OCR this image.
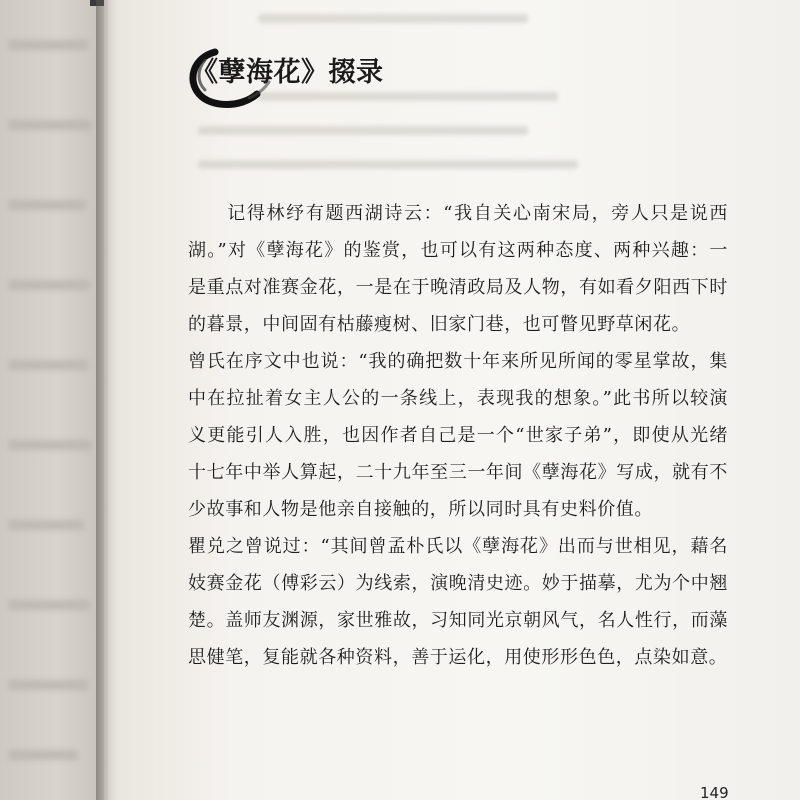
《孽海花》掇录

　　记得林纾有题西湖诗云：“我自关心南宋局，旁人只是说西湖。”对《孽海花》的鉴赏，也可以有这两种态度、两种兴趣：一是重点对准赛金花，一是在于晚清政局及人物，有如看夕阳西下时的暮景，中间固有枯藤瘦树、旧家门巷，也可瞥见野草闲花。

曾氏在序文中也说：“我的确把数十年来所见所闻的零星掌故，集中在拉扯着女主人公的一条线上，表现我的想象。”此书所以较演义更能引人入胜，也因作者自己是一个“世家子弟”，即使从光绪十七年中举人算起，二十九年至三一年间《孽海花》写成，就有不少故事和人物是他亲自接触的，所以同时具有史料价值。

瞿兑之曾说过：“其间曾孟朴氏以《孽海花》出而与世相见，藉名妓赛金花（傅彩云）为线索，演晚清史迹。妙于描摹，尤为个中翘楚。盖师友渊源，家世雅故，习知同光京朝风气，名人性行，而藻思健笔，复能就各种资料，善于运化，用使形形色色，点染如意。

149
